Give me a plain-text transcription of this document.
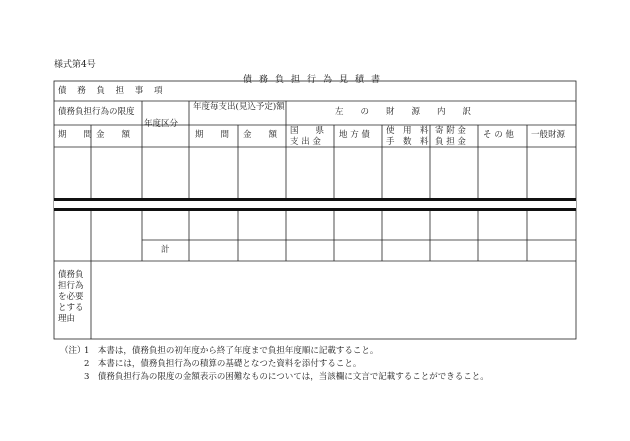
様式第4号
債務負担行為見積書
債 務 負 担 事 項
債務負担行為の限度
年度区分
年度毎支出(見込予定)額	左　　の　　財　　源　　内　　訳
期　　間 金　　額	期　　間 金　　額 国　　県
支 出 金
地 方 債 使　用　料
手　数　料
寄 附 金
負 担 金
そ の 他 一般財源
計
債務負担行為を必要とする理由
（注）
1　本書は，債務負担の初年度から終了年度まで負担年度順に記載すること。
2　本書には，債務負担行為の積算の基礎となつた資料を添付すること。
3　債務負担行為の限度の金額表示の困難なものについては，当該欄に文言で記載することができること。
